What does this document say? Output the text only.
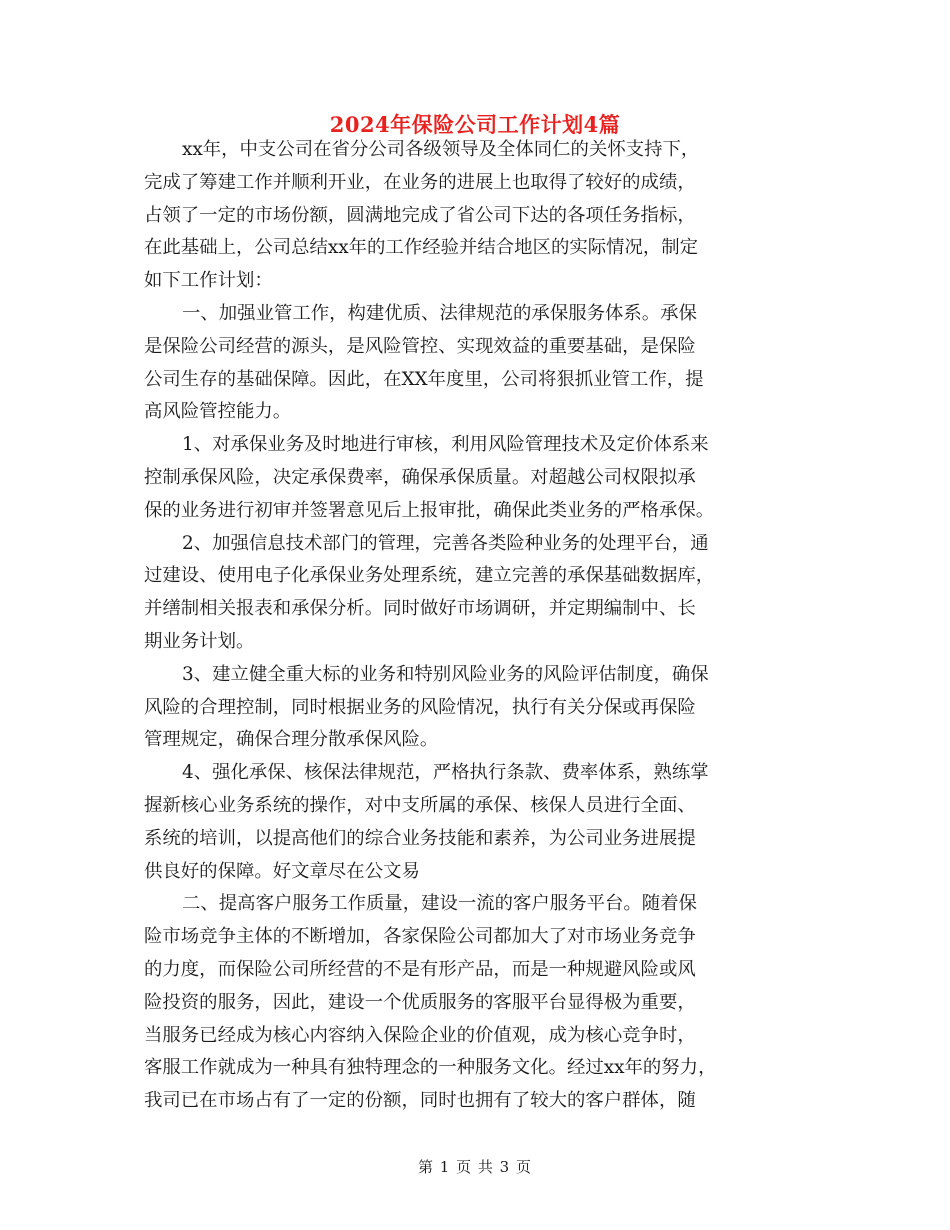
2024年保险公司工作计划4篇
xx年，中支公司在省分公司各级领导及全体同仁的关怀支持下，
完成了筹建工作并顺利开业，在业务的进展上也取得了较好的成绩，
占领了一定的市场份额，圆满地完成了省公司下达的各项任务指标，
在此基础上，公司总结xx年的工作经验并结合地区的实际情况，制定
如下工作计划：
一、加强业管工作，构建优质、法律规范的承保服务体系。承保
是保险公司经营的源头，是风险管控、实现效益的重要基础，是保险
公司生存的基础保障。因此，在XX年度里，公司将狠抓业管工作，提
高风险管控能力。
1、对承保业务及时地进行审核，利用风险管理技术及定价体系来
控制承保风险，决定承保费率，确保承保质量。对超越公司权限拟承
保的业务进行初审并签署意见后上报审批，确保此类业务的严格承保。
2、加强信息技术部门的管理，完善各类险种业务的处理平台，通
过建设、使用电子化承保业务处理系统，建立完善的承保基础数据库，
并缮制相关报表和承保分析。同时做好市场调研，并定期编制中、长
期业务计划。
3、建立健全重大标的业务和特别风险业务的风险评估制度，确保
风险的合理控制，同时根据业务的风险情况，执行有关分保或再保险
管理规定，确保合理分散承保风险。
4、强化承保、核保法律规范，严格执行条款、费率体系，熟练掌
握新核心业务系统的操作，对中支所属的承保、核保人员进行全面、
系统的培训，以提高他们的综合业务技能和素养，为公司业务进展提
供良好的保障。好文章尽在公文易
二、提高客户服务工作质量，建设一流的客户服务平台。随着保
险市场竞争主体的不断增加，各家保险公司都加大了对市场业务竞争
的力度，而保险公司所经营的不是有形产品，而是一种规避风险或风
险投资的服务，因此，建设一个优质服务的客服平台显得极为重要，
当服务已经成为核心内容纳入保险企业的价值观，成为核心竞争时，
客服工作就成为一种具有独特理念的一种服务文化。经过xx年的努力，
我司已在市场占有了一定的份额，同时也拥有了较大的客户群体，随
第 1 页 共 3 页
